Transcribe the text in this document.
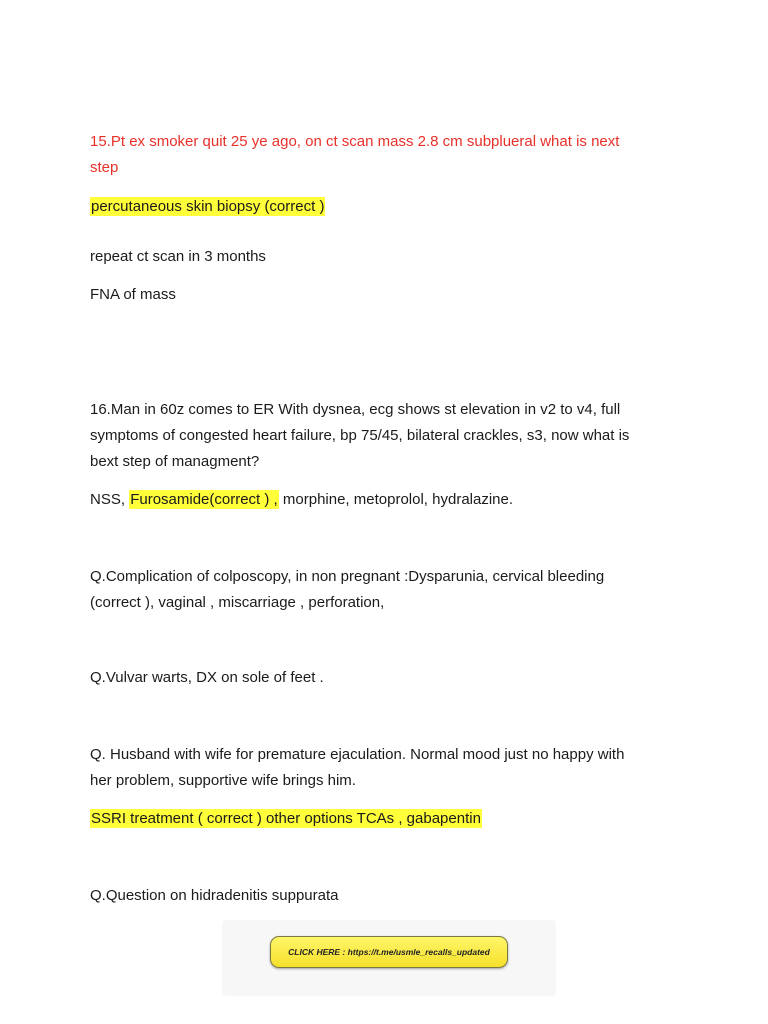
15.Pt ex smoker quit 25 ye ago, on ct scan mass 2.8 cm subplueral what is next
step
percutaneous skin biopsy (correct )
repeat ct scan in 3 months
FNA of mass
16.Man in 60z comes to ER With dysnea, ecg shows st elevation in v2 to v4, full
symptoms of congested heart failure, bp 75/45, bilateral crackles, s3, now what is
bext step of managment?
NSS, Furosamide(correct ) , morphine, metoprolol, hydralazine.
Q.Complication of colposcopy, in non pregnant :Dysparunia, cervical bleeding
(correct ), vaginal , miscarriage , perforation,
Q.Vulvar warts, DX on sole of feet .
Q. Husband with wife for premature ejaculation. Normal mood just no happy with
her problem, supportive wife brings him.
SSRI treatment ( correct ) other options TCAs , gabapentin
Q.Question on hidradenitis suppurata
CLICK HERE : https://t.me/usmle_recalls_updated
